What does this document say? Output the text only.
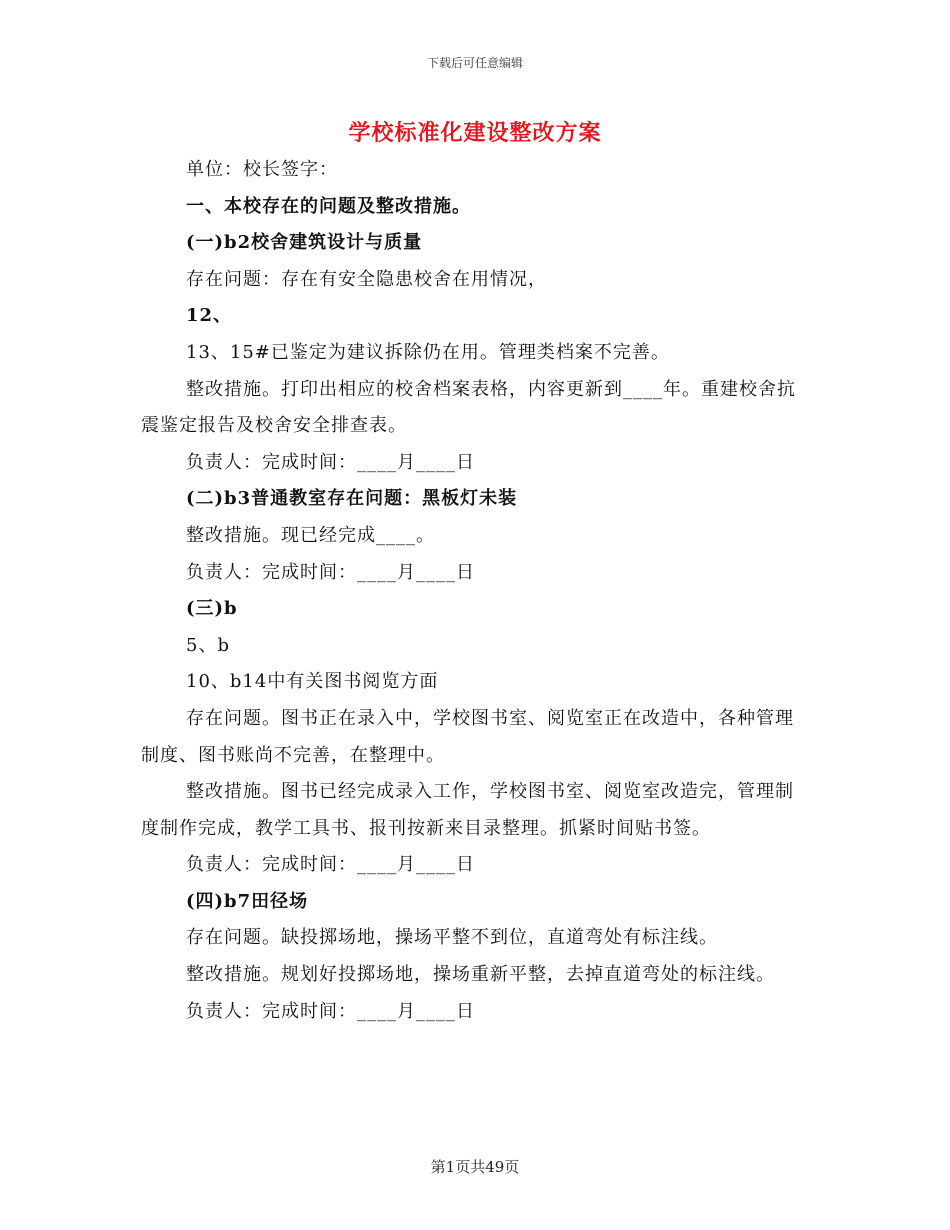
下载后可任意编辑
学校标准化建设整改方案

单位：校长签字：

一、本校存在的问题及整改措施。

(一)b2校舍建筑设计与质量

存在问题：存在有安全隐患校舍在用情况，

12、

13、15#已鉴定为建议拆除仍在用。管理类档案不完善。

整改措施。打印出相应的校舍档案表格，内容更新到____年。重建校舍抗震鉴定报告及校舍安全排查表。

负责人：完成时间：____月____日

(二)b3普通教室存在问题：黑板灯未装

整改措施。现已经完成____。

负责人：完成时间：____月____日

(三)b

5、b

10、b14中有关图书阅览方面

存在问题。图书正在录入中，学校图书室、阅览室正在改造中，各种管理制度、图书账尚不完善，在整理中。

整改措施。图书已经完成录入工作，学校图书室、阅览室改造完，管理制度制作完成，教学工具书、报刊按新来目录整理。抓紧时间贴书签。

负责人：完成时间：____月____日

(四)b7田径场

存在问题。缺投掷场地，操场平整不到位，直道弯处有标注线。

整改措施。规划好投掷场地，操场重新平整，去掉直道弯处的标注线。

负责人：完成时间：____月____日

第1页共49页
